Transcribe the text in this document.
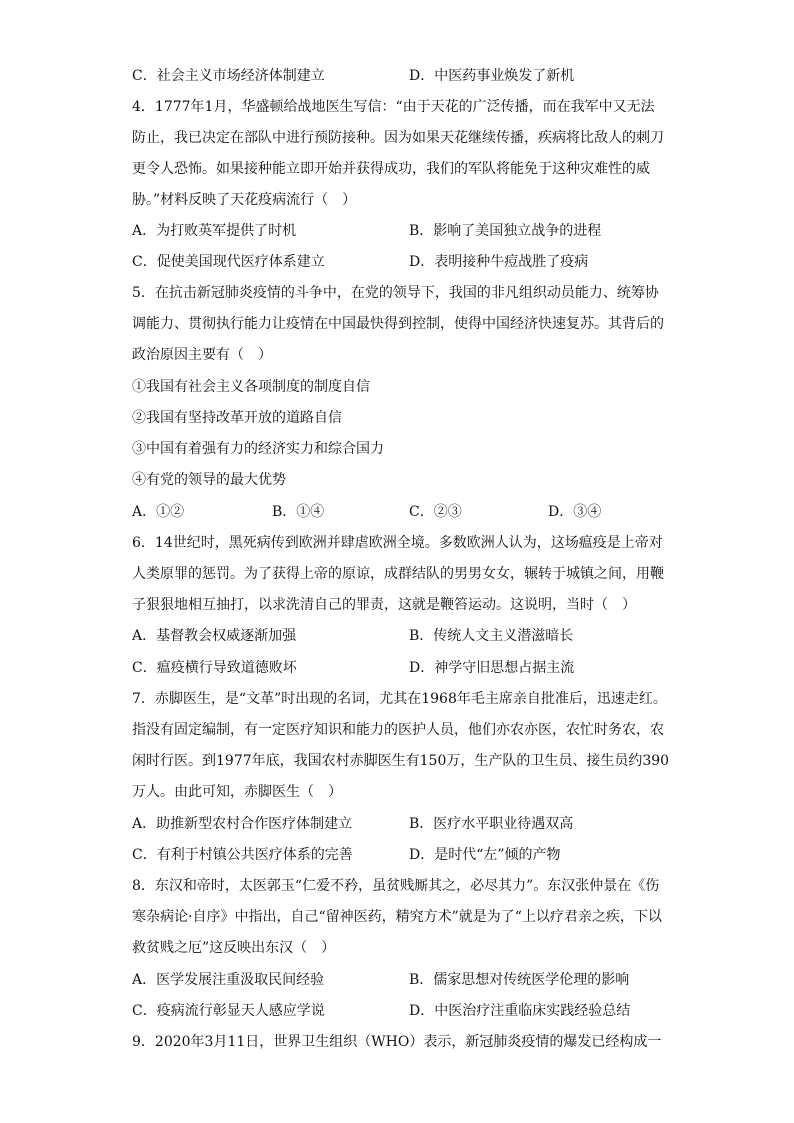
C．社会主义市场经济体制建立	D．中医药事业焕发了新机
4．1777年1月，华盛顿给战地医生写信：“由于天花的广泛传播，而在我军中又无法
防止，我已决定在部队中进行预防接种。因为如果天花继续传播，疾病将比敌人的刺刀
更令人恐怖。如果接种能立即开始并获得成功，我们的军队将能免于这种灾难性的威
胁。”材料反映了天花疫病流行（　）
A．为打败英军提供了时机	B．影响了美国独立战争的进程
C．促使美国现代医疗体系建立	D．表明接种牛痘战胜了疫病
5．在抗击新冠肺炎疫情的斗争中，在党的领导下，我国的非凡组织动员能力、统筹协
调能力、贯彻执行能力让疫情在中国最快得到控制，使得中国经济快速复苏。其背后的
政治原因主要有（　）
①我国有社会主义各项制度的制度自信
②我国有坚持改革开放的道路自信
③中国有着强有力的经济实力和综合国力
④有党的领导的最大优势
A．①②	B．①④	C．②③	D．③④
6．14世纪时，黑死病传到欧洲并肆虐欧洲全境。多数欧洲人认为，这场瘟疫是上帝对
人类原罪的惩罚。为了获得上帝的原谅，成群结队的男男女女，辗转于城镇之间，用鞭
子狠狠地相互抽打，以求洗清自己的罪责，这就是鞭笞运动。这说明，当时（　）
A．基督教会权威逐渐加强	B．传统人文主义潜滋暗长
C．瘟疫横行导致道德败坏	D．神学守旧思想占据主流
7．赤脚医生，是“文革”时出现的名词，尤其在1968年毛主席亲自批准后，迅速走红。
指没有固定编制，有一定医疗知识和能力的医护人员，他们亦农亦医，农忙时务农，农
闲时行医。到1977年底，我国农村赤脚医生有150万，生产队的卫生员、接生员约390
万人。由此可知，赤脚医生（　）
A．助推新型农村合作医疗体制建立	B．医疗水平职业待遇双高
C．有利于村镇公共医疗体系的完善	D．是时代“左”倾的产物
8．东汉和帝时，太医郭玉“仁爱不矜，虽贫贱厮其之，必尽其力”。东汉张仲景在《伤
寒杂病论·自序》中指出，自己“留神医药，精究方术”就是为了“上以疗君亲之疾，下以
救贫贱之厄”这反映出东汉（　）
A．医学发展注重汲取民间经验	B．儒家思想对传统医学伦理的影响
C．疫病流行彰显天人感应学说	D．中医治疗注重临床实践经验总结
9．2020年3月11日，世界卫生组织（WHO）表示，新冠肺炎疫情的爆发已经构成一
